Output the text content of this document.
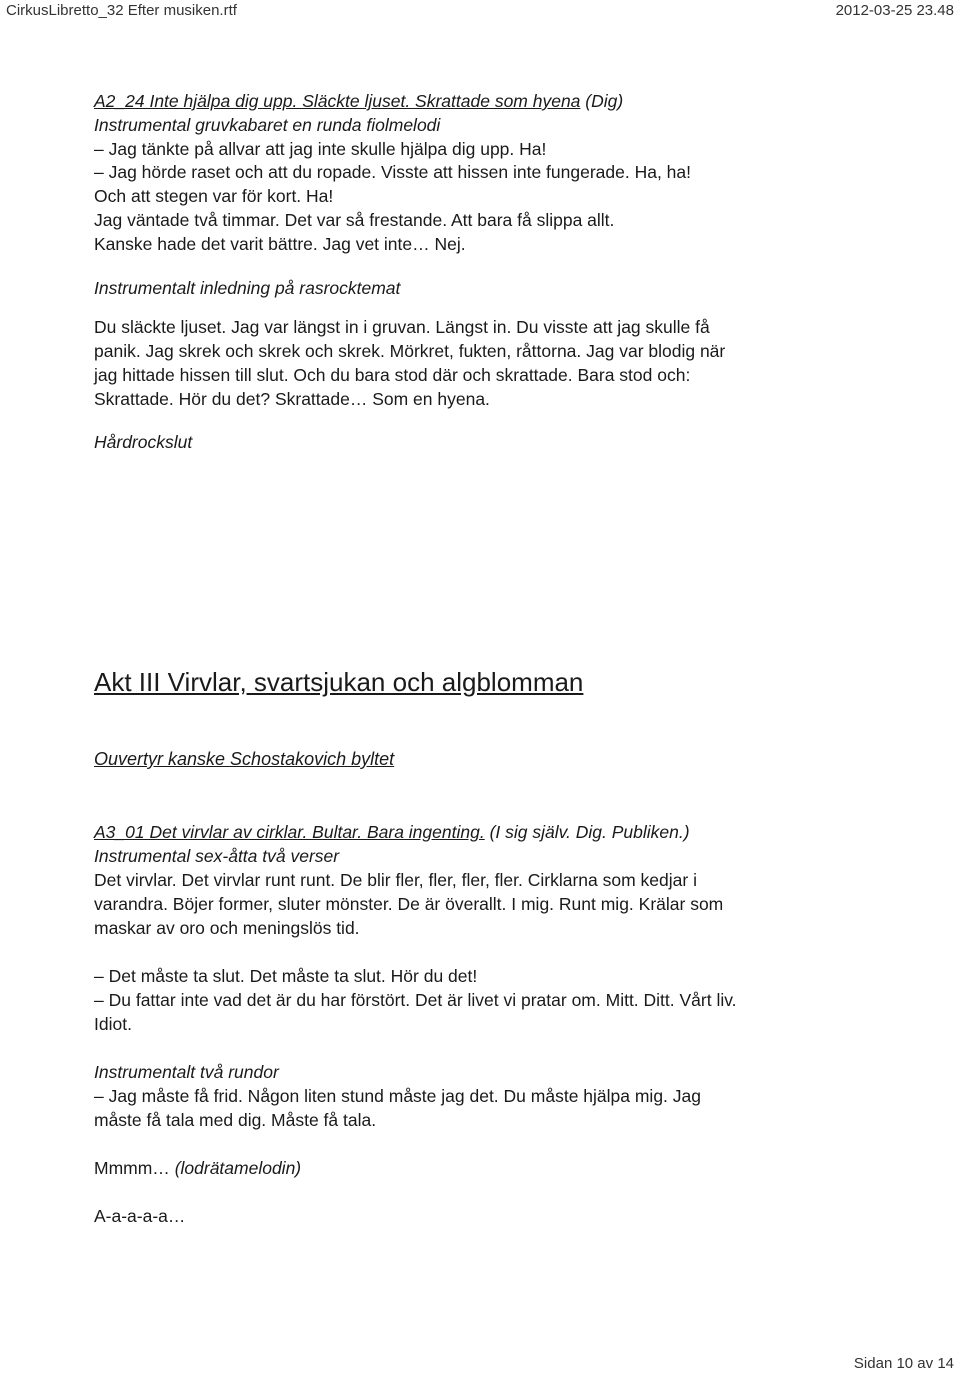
CirkusLibretto_32 Efter musiken.rtf	2012-03-25 23.48

A2_24 Inte hjälpa dig upp. Släckte ljuset. Skrattade som hyena (Dig)

Instrumental gruvkabaret en runda fiolmelodi

– Jag tänkte på allvar att jag inte skulle hjälpa dig upp. Ha!

– Jag hörde raset och att du ropade. Visste att hissen inte fungerade. Ha, ha!

Och att stegen var för kort. Ha!

Jag väntade två timmar. Det var så frestande. Att bara få slippa allt.

Kanske hade det varit bättre. Jag vet inte… Nej.

Instrumentalt inledning på rasrocktemat

Du släckte ljuset. Jag var längst in i gruvan. Längst in. Du visste att jag skulle få

panik. Jag skrek och skrek och skrek. Mörkret, fukten, råttorna. Jag var blodig när

jag hittade hissen till slut. Och du bara stod där och skrattade. Bara stod och:

Skrattade. Hör du det? Skrattade… Som en hyena.

Hårdrockslut

Akt III Virvlar, svartsjukan och algblomman
Ouvertyr kanske Schostakovich byltet

A3_01 Det virvlar av cirklar. Bultar. Bara ingenting. (I sig själv. Dig. Publiken.)

Instrumental sex-åtta två verser

Det virvlar. Det virvlar runt runt. De blir fler, fler, fler, fler. Cirklarna som kedjar i

varandra. Böjer former, sluter mönster. De är överallt. I mig. Runt mig. Krälar som

maskar av oro och meningslös tid.

– Det måste ta slut. Det måste ta slut. Hör du det!

– Du fattar inte vad det är du har förstört. Det är livet vi pratar om. Mitt. Ditt. Vårt liv.

Idiot.

Instrumentalt två rundor

– Jag måste få frid. Någon liten stund måste jag det. Du måste hjälpa mig. Jag

måste få tala med dig. Måste få tala.

Mmmm… (lodrätamelodin)

A-a-a-a-a…

Sidan 10 av 14
